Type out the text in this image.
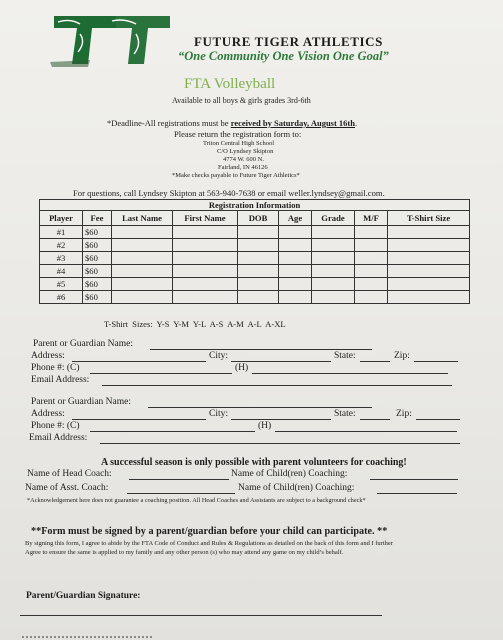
FUTURE TIGER ATHLETICS
“One Community One Vision One Goal”
FTA Volleyball
Available to all boys & girls grades 3rd-6th
*Deadline-All registrations must be received by Saturday, August 16th.
Please return the registration form to:
Triton Central High School
C/O Lyndsey Skipton
4774 W. 600 N.
Fairland, IN 46126
*Make checks payable to Future Tiger Athletics*
For questions, call Lyndsey Skipton at 563-940-7638 or email weller.lyndsey@gmail.com.
Registration Information								
Player	Fee	Last Name	First Name	DOB	Age	Grade	M/F	T-Shirt Size
#1	$60							
#2	$60							
#3	$60							
#4	$60							
#5	$60							
#6	$60							
T-Shirt Sizes: Y-S Y-M Y-L A-S A-M A-L A-XL
Parent or Guardian Name:
Address:	City:	State:	Zip:
Phone #: (C)	(H)
Email Address:
Parent or Guardian Name:
Address:	City:	State:	Zip:
Phone #: (C)	(H)
Email Address:
A successful season is only possible with parent volunteers for coaching!
Name of Head Coach:	Name of Child(ren) Coaching:
Name of Asst. Coach:	Name of Child(ren) Coaching:
*Acknowledgement here does not guarantee a coaching position. All Head Coaches and Assistants are subject to a background check*
**Form must be signed by a parent/guardian before your child can participate. **
By signing this form, I agree to abide by the FTA Code of Conduct and Rules & Regulations as detailed on the back of this form and I further
Agree to ensure the same is applied to my family and any other person (s) who may attend any game on my child’s behalf.
Parent/Guardian Signature:
